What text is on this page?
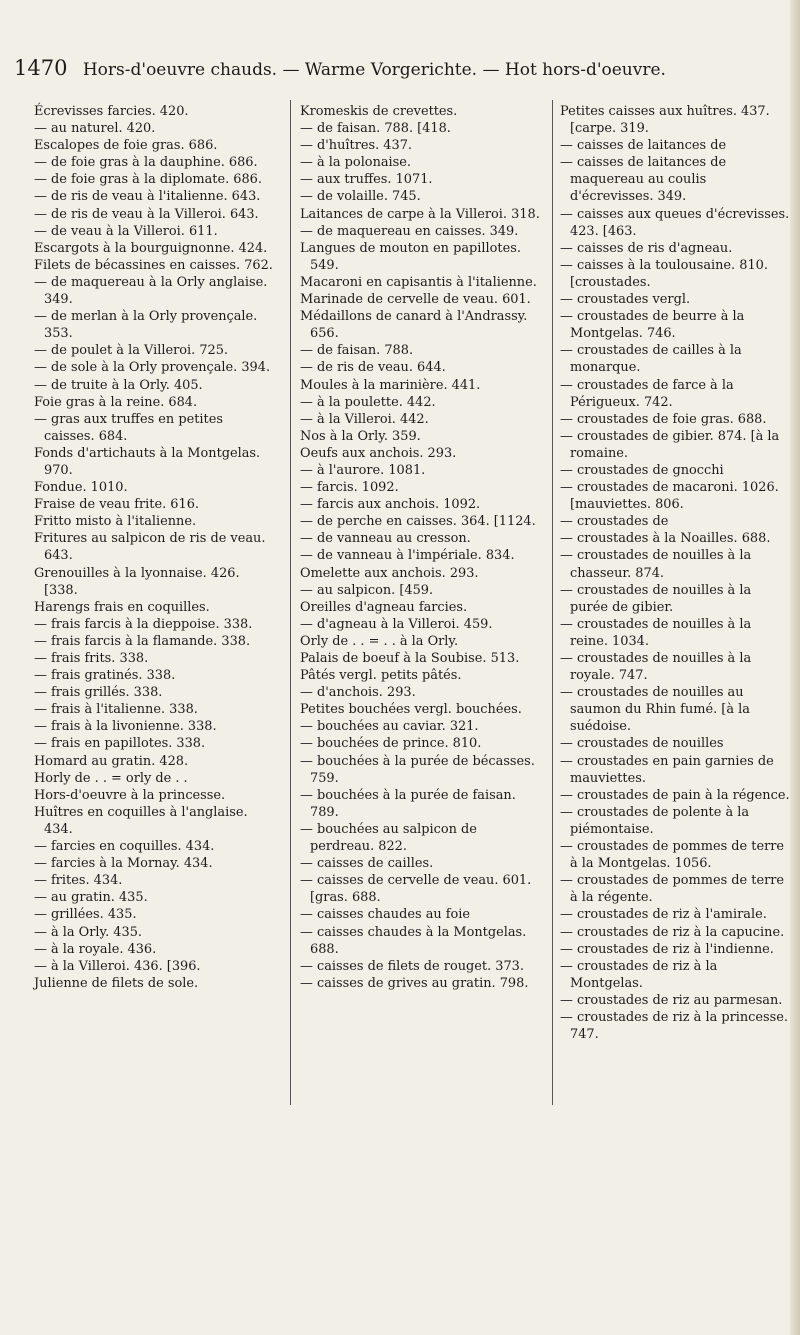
1470 Hors-d'oeuvre chauds. — Warme Vorgerichte. — Hot hors-d'oeuvre.

Écrevisses farcies. 420.

— au naturel. 420.

Escalopes de foie gras. 686.

— de foie gras à la dauphine. 686.

— de foie gras à la diplomate. 686.

— de ris de veau à l'italienne. 643.

— de ris de veau à la Villeroi. 643.

— de veau à la Villeroi. 611.

Escargots à la bourguignonne. 424.

Filets de bécassines en caisses. 762.

— de maquereau à la Orly anglaise. 349.

— de merlan à la Orly provençale. 353.

— de poulet à la Villeroi. 725.

— de sole à la Orly provençale. 394.

— de truite à la Orly. 405.

Foie gras à la reine. 684.

— gras aux truffes en petites caisses. 684.

Fonds d'artichauts à la Montgelas. 970.

Fondue. 1010.

Fraise de veau frite. 616.

Fritto misto à l'italienne.

Fritures au salpicon de ris de veau. 643.

Grenouilles à la lyonnaise. 426. [338.

Harengs frais en coquilles.

— frais farcis à la dieppoise. 338.

— frais farcis à la flamande. 338.

— frais frits. 338.

— frais gratinés. 338.

— frais grillés. 338.

— frais à l'italienne. 338.

— frais à la livonienne. 338.

— frais en papillotes. 338.

Homard au gratin. 428.

Horly de . . = orly de . .

Hors-d'oeuvre à la princesse.

Huîtres en coquilles à l'anglaise. 434.

— farcies en coquilles. 434.

— farcies à la Mornay. 434.

— frites. 434.

— au gratin. 435.

— grillées. 435.

— à la Orly. 435.

— à la royale. 436.

— à la Villeroi. 436. [396.

Julienne de filets de sole.

Kromeskis de crevettes.

— de faisan. 788. [418.

— d'huîtres. 437.

— à la polonaise.

— aux truffes. 1071.

— de volaille. 745.

Laitances de carpe à la Villeroi. 318.

— de maquereau en caisses. 349.

Langues de mouton en papillotes. 549.

Macaroni en capisantis à l'italienne.

Marinade de cervelle de veau. 601.

Médaillons de canard à l'Andrassy. 656.

— de faisan. 788.

— de ris de veau. 644.

Moules à la marinière. 441.

— à la poulette. 442.

— à la Villeroi. 442.

Nos à la Orly. 359.

Oeufs aux anchois. 293.

— à l'aurore. 1081.

— farcis. 1092.

— farcis aux anchois. 1092.

— de perche en caisses. 364. [1124.

— de vanneau au cresson.

— de vanneau à l'impériale. 834.

Omelette aux anchois. 293.

— au salpicon. [459.

Oreilles d'agneau farcies.

— d'agneau à la Villeroi. 459.

Orly de . . = . . à la Orly.

Palais de boeuf à la Soubise. 513.

Pâtés vergl. petits pâtés.

— d'anchois. 293.

Petites bouchées vergl. bouchées.

— bouchées au caviar. 321.

— bouchées de prince. 810.

— bouchées à la purée de bécasses. 759.

— bouchées à la purée de faisan. 789.

— bouchées au salpicon de perdreau. 822.

— caisses de cailles.

— caisses de cervelle de veau. 601. [gras. 688.

— caisses chaudes au foie

— caisses chaudes à la Montgelas. 688.

— caisses de filets de rouget. 373.

— caisses de grives au gratin. 798.

Petites caisses aux huîtres. 437. [carpe. 319.

— caisses de laitances de

— caisses de laitances de maquereau au coulis d'écrevisses. 349.

— caisses aux queues d'écrevisses. 423. [463.

— caisses de ris d'agneau.

— caisses à la toulousaine. 810. [croustades.

— croustades vergl.

— croustades de beurre à la Montgelas. 746.

— croustades de cailles à la monarque.

— croustades de farce à la Périgueux. 742.

— croustades de foie gras. 688.

— croustades de gibier. 874. [à la romaine.

— croustades de gnocchi

— croustades de macaroni. 1026. [mauviettes. 806.

— croustades de

— croustades à la Noailles. 688.

— croustades de nouilles à la chasseur. 874.

— croustades de nouilles à la purée de gibier.

— croustades de nouilles à la reine. 1034.

— croustades de nouilles à la royale. 747.

— croustades de nouilles au saumon du Rhin fumé. [à la suédoise.

— croustades de nouilles

— croustades en pain garnies de mauviettes.

— croustades de pain à la régence.

— croustades de polente à la piémontaise.

— croustades de pommes de terre à la Montgelas. 1056.

— croustades de pommes de terre à la régente.

— croustades de riz à l'amirale.

— croustades de riz à la capucine.

— croustades de riz à l'indienne.

— croustades de riz à la Montgelas.

— croustades de riz au parmesan.

— croustades de riz à la princesse. 747.
